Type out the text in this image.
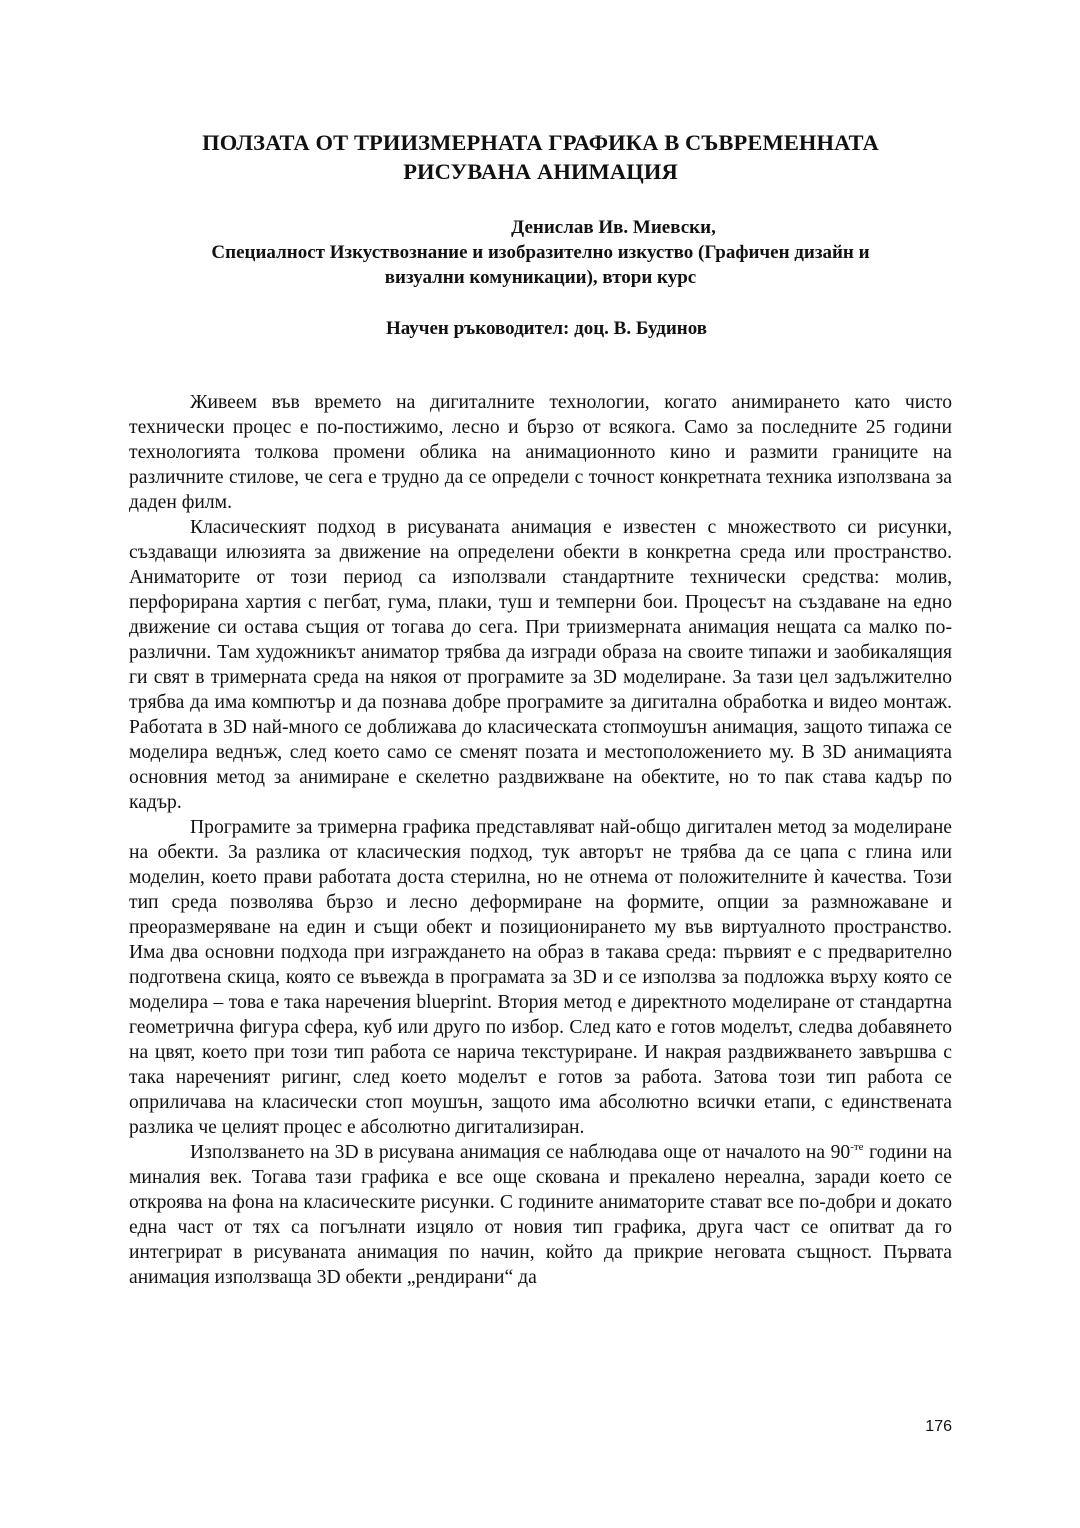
ПОЛЗАТА ОТ ТРИИЗМЕРНАТА ГРАФИКА В СЪВРЕМЕННАТА
РИСУВАНА АНИМАЦИЯ
Денислав Ив. Миевски,
Специалност Изкуствознание и изобразително изкуство (Графичен дизайн и
визуални комуникации), втори курс
Научен ръководител: доц. В. Будинов

Живеем във времето на дигиталните технологии, когато анимирането като чисто технически процес е по-постижимо, лесно и бързо от всякога. Само за последните 25 години технологията толкова промени облика на анимационното кино и размити границите на различните стилове, че сега е трудно да се определи с точност конкретната техника използвана за даден филм.

Класическият подход в рисуваната анимация е известен с множеството си рисунки, създаващи илюзията за движение на определени обекти в конкретна среда или пространство. Аниматорите от този период са използвали стандартните технически средства: молив, перфорирана хартия с пегбат, гума, плаки, туш и темперни бои. Процесът на създаване на едно движение си остава същия от тогава до сега. При триизмерната анимация нещата са малко по-различни. Там художникът аниматор трябва да изгради образа на своите типажи и заобикалящия ги свят в тримерната среда на някоя от програмите за 3D моделиране. За тази цел задължително трябва да има компютър и да познава добре програмите за дигитална обработка и видео монтаж. Работата в 3D най-много се доближава до класическата стопмоушън анимация, защото типажа се моделира веднъж, след което само се сменят позата и местоположението му. В 3D анимацията основния метод за анимиране е скелетно раздвижване на обектите, но то пак става кадър по кадър.

Програмите за тримерна графика представляват най-общо дигитален метод за моделиране на обекти. За разлика от класическия подход, тук авторът не трябва да се цапа с глина или моделин, което прави работата доста стерилна, но не отнема от положителните ѝ качества. Този тип среда позволява бързо и лесно деформиране на формите, опции за размножаване и преоразмеряване на един и същи обект и позиционирането му във виртуалното пространство. Има два основни подхода при изграждането на образ в такава среда: първият е с предварително подготвена скица, която се въвежда в програмата за 3D и се използва за подложка върху която се моделира – това е така наречения blueprint. Втория метод е директното моделиране от стандартна геометрична фигура сфера, куб или друго по избор. След като е готов моделът, следва добавянето на цвят, което при този тип работа се нарича текстуриране. И накрая раздвижването завършва с така нареченият ригинг, след което моделът е готов за работа. Затова този тип работа се оприличава на класически стоп моушън, защото има абсолютно всички етапи, с единствената разлика че целият процес е абсолютно дигитализиран.

Използването на 3D в рисувана анимация се наблюдава още от началото на $90^{-те}$ години на миналия век. Тогава тази графика е все още скована и прекалено нереална, заради което се откроява на фона на класическите рисунки. С годините аниматорите стават все по-добри и докато една част от тях са погълнати изцяло от новия тип графика, друга част се опитват да го интегрират в рисуваната анимация по начин, който да прикрие неговата същност. Първата анимация използваща 3D обекти „рендирани“ да

176
